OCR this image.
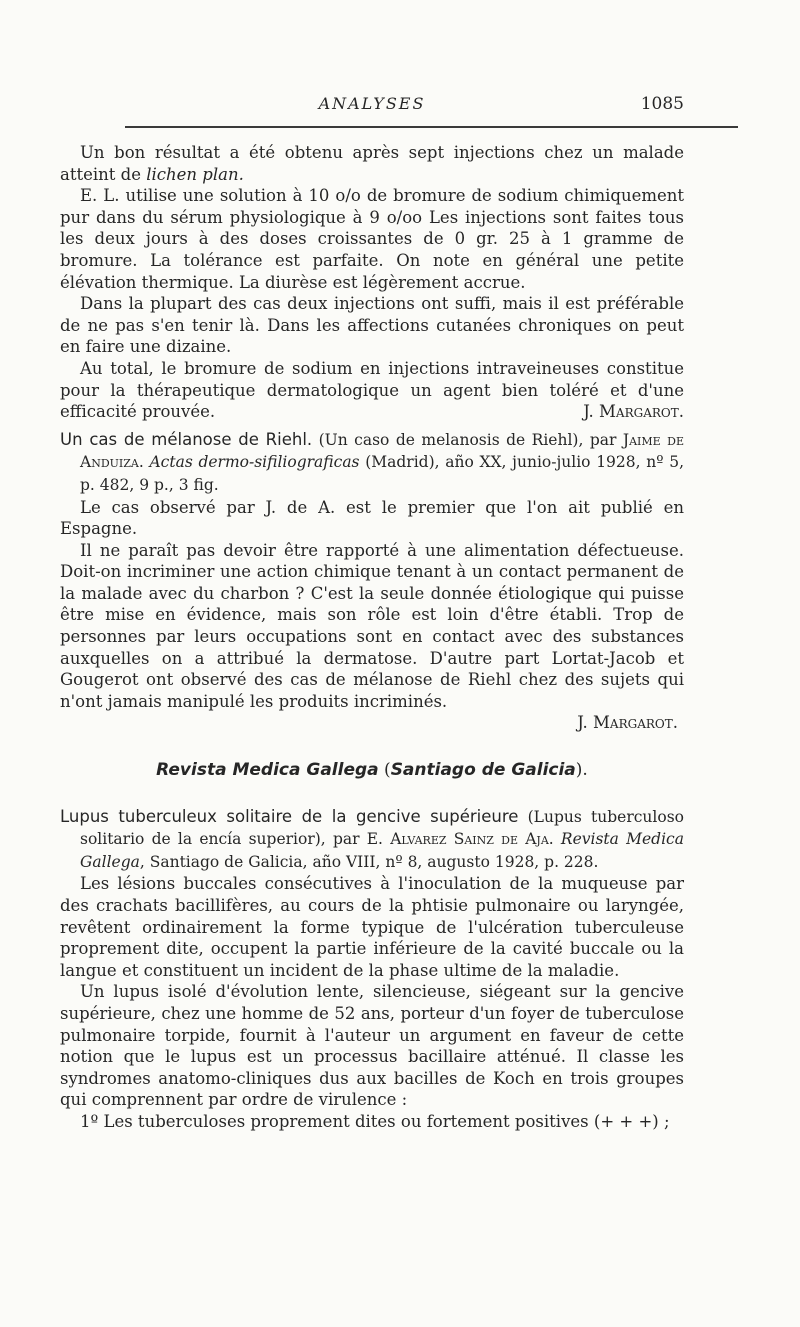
ANALYSES	1085

Un bon résultat a été obtenu après sept injections chez un malade atteint de lichen plan.

E. L. utilise une solution à 10 o/o de bromure de sodium chimiquement pur dans du sérum physiologique à 9 o/oo Les injections sont faites tous les deux jours à des doses croissantes de 0 gr. 25 à 1 gramme de bromure. La tolérance est parfaite. On note en général une petite élévation thermique. La diurèse est légèrement accrue.

Dans la plupart des cas deux injections ont suffi, mais il est préférable de ne pas s'en tenir là. Dans les affections cutanées chroniques on peut en faire une dizaine.

Au total, le bromure de sodium en injections intraveineuses constitue pour la thérapeutique dermatologique un agent bien toléré et d'une efficacité prouvée.	J. Margarot.

Un cas de mélanose de Riehl. (Un caso de melanosis de Riehl), par Jaime de Anduiza. Actas dermo-sifiliograficas (Madrid), año XX, junio-julio 1928, nº 5, p. 482, 9 p., 3 fig.

Le cas observé par J. de A. est le premier que l'on ait publié en Espagne.

Il ne paraît pas devoir être rapporté à une alimentation défectueuse. Doit-on incriminer une action chimique tenant à un contact permanent de la malade avec du charbon ? C'est la seule donnée étiologique qui puisse être mise en évidence, mais son rôle est loin d'être établi. Trop de personnes par leurs occupations sont en contact avec des substances auxquelles on a attribué la dermatose. D'autre part Lortat-Jacob et Gougerot ont observé des cas de mélanose de Riehl chez des sujets qui n'ont jamais manipulé les produits incriminés.

J. Margarot.

Revista Medica Gallega (Santiago de Galicia).

Lupus tuberculeux solitaire de la gencive supérieure (Lupus tuberculoso solitario de la encía superior), par E. Alvarez Sainz de Aja. Revista Medica Gallega, Santiago de Galicia, año VIII, nº 8, augusto 1928, p. 228.

Les lésions buccales consécutives à l'inoculation de la muqueuse par des crachats bacillifères, au cours de la phtisie pulmonaire ou laryngée, revêtent ordinairement la forme typique de l'ulcération tuberculeuse proprement dite, occupent la partie inférieure de la cavité buccale ou la langue et constituent un incident de la phase ultime de la maladie.

Un lupus isolé d'évolution lente, silencieuse, siégeant sur la gencive supérieure, chez une homme de 52 ans, porteur d'un foyer de tuberculose pulmonaire torpide, fournit à l'auteur un argument en faveur de cette notion que le lupus est un processus bacillaire atténué. Il classe les syndromes anatomo-cliniques dus aux bacilles de Koch en trois groupes qui comprennent par ordre de virulence :

1º Les tuberculoses proprement dites ou fortement positives (+ + +) ;
